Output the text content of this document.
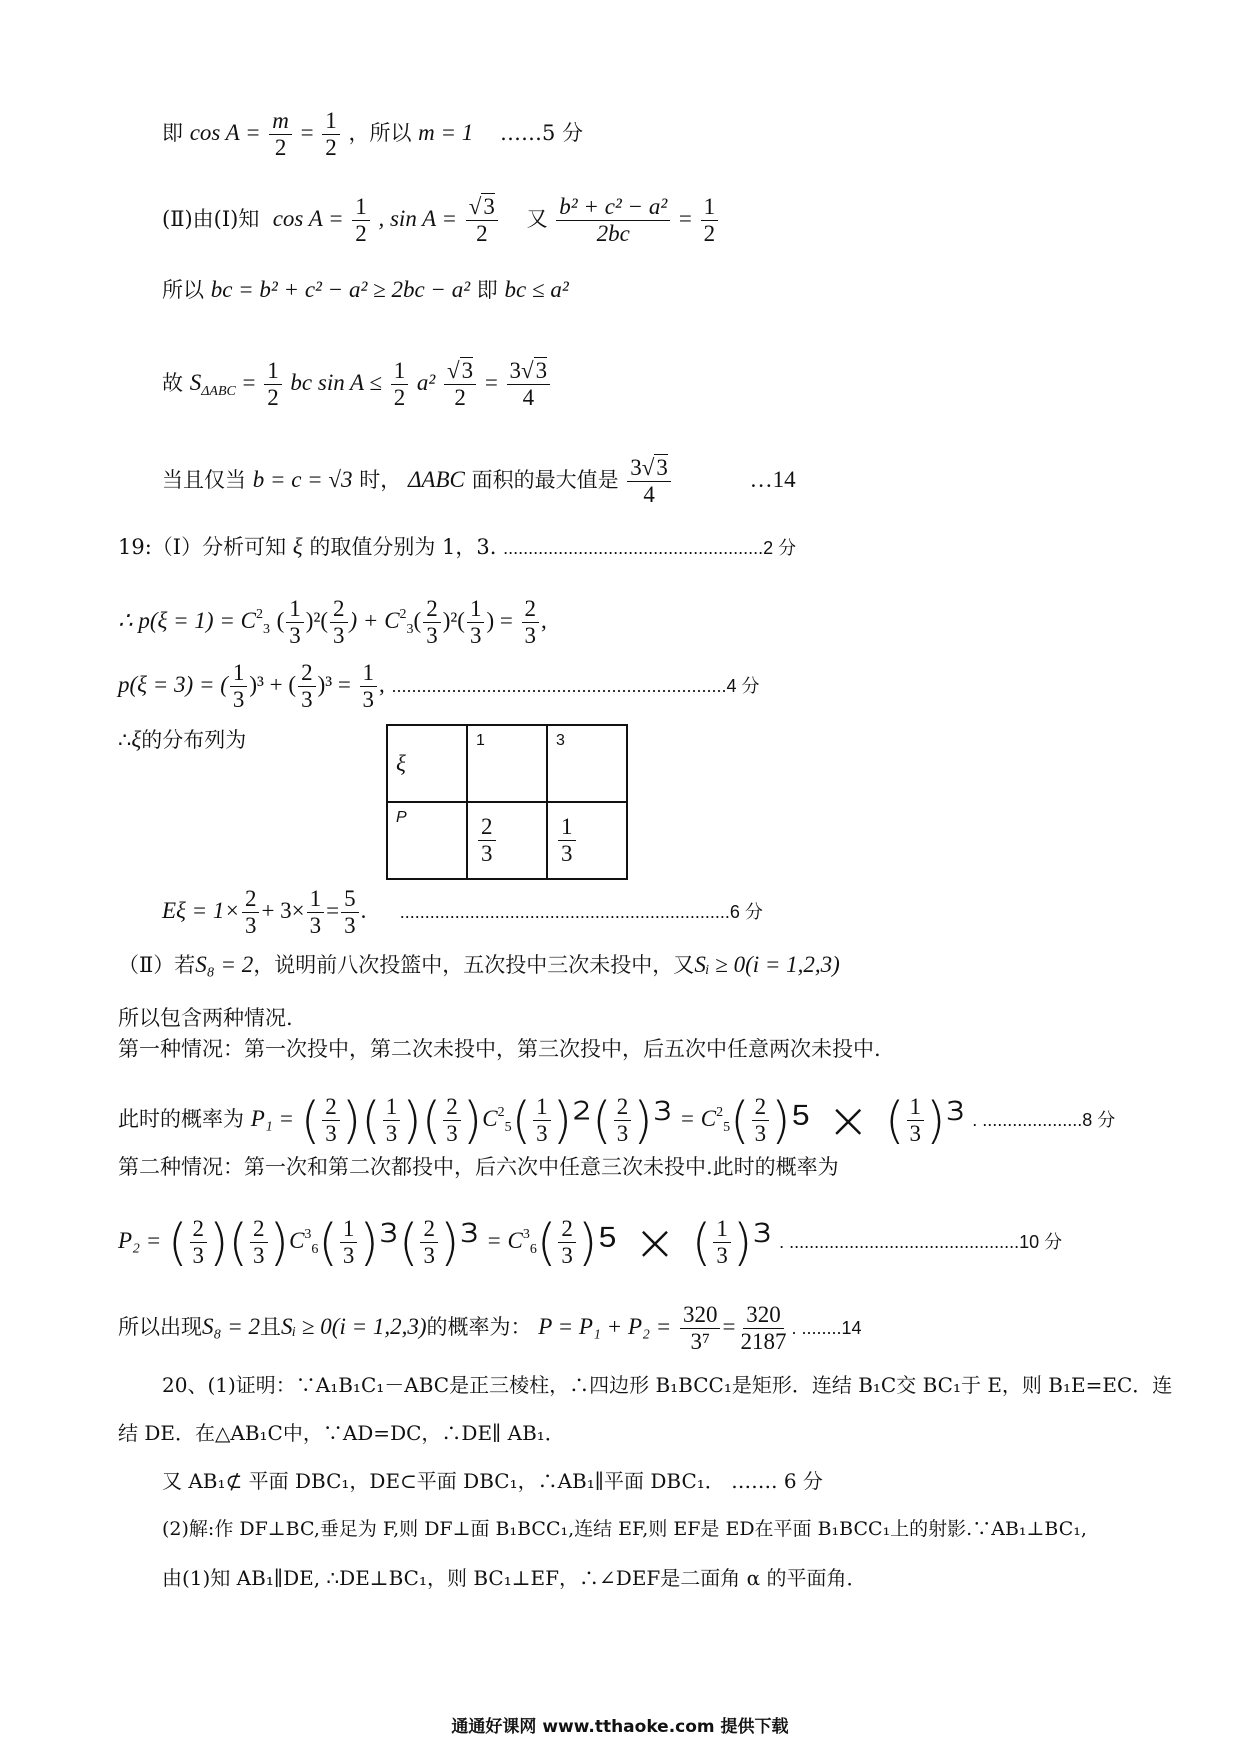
即 $\cos A = \frac{m}{2} = \frac{1}{2}$ ，所以 m = 1 ……5 分
(Ⅱ)由(Ⅰ)知 $\cos A = \frac{1}{2}$ , $\sin A = \frac{√3}{2}$ 又 $\frac{\text{b² + c² − a²}}{2bc} = \frac{1}{2}$
所以 bc = b² + c² − a² ≥ 2bc − a² 即 bc ≤ a²
故 $S_{\Delta ABC} = \frac{1}{2}$ bc $\sin A \le \frac{1}{2} a^2 \frac{√3}{2} = \frac{3√3}{4}$
当且仅当 b = c = √3 时， ΔABC 面积的最大值是 $\frac{3√3}{4}$	…14
19:（Ⅰ）分析可知 ξ 的取值分别为 1，3. ....................................................2 分
∴ $p(\xi = 1) = C^2_3$ ( $\frac{1}{3} )^2( \frac{2}{3}$ ) + $C^2_3( \frac{2}{3} )^2( \frac{1}{3}$ ) = $\frac{2}{3}$ ,
p(ξ = 3) = ( $\frac{1}{3} )^3$ + ( $\frac{2}{3} )^3 = \frac{1}{3}$ , ...................................................................4 分
∴ξ的分布列为
ξ	1	3
P	$\frac{2}{3}$	$\frac{1}{3}$
$E\xi = 1\times \frac{2}{3} + 3\times \frac{1}{3} = \frac{5}{3}$ . ..................................................................6 分
（Ⅱ）若S₈ = 2，说明前八次投篮中，五次投中三次未投中，又Sᵢ ≥ 0(i = 1,2,3)
所以包含两种情况.
第一种情况：第一次投中，第二次未投中，第三次投中，后五次中任意两次未投中.
此时的概率为 P₁ = ( $\frac{2}{3}$ )( $\frac{1}{3}$ )( $\frac{2}{3} )C^2_5( \frac{1}{3} )^2( \frac{2}{3} )^3 = C^2_5( \frac{2}{3} )^5$ × ( $\frac{1}{3} )^3$ . ....................8 分
第二种情况：第一次和第二次都投中，后六次中任意三次未投中.此时的概率为
P₂ = ( $\frac{2}{3}$ )( $\frac{2}{3} )C^3_6( \frac{1}{3} )^3( \frac{2}{3} )^3 = C^3_6( \frac{2}{3} )^5$ × ( $\frac{1}{3} )^3$ . ..............................................10 分
所以出现S₈ = 2且Sᵢ ≥ 0(i = 1,2,3)的概率为： $P = P_1 + P_2 = \frac{320}{\text{3⁷}} = \frac{320}{2187}$ . ........14
20、(1)证明：∵A₁B₁C₁－ABC是正三棱柱，∴四边形 B₁BCC₁是矩形．连结 B₁C交 BC₁于 E，则 B₁E=EC．连
结 DE．在△AB₁C中，∵AD=DC，∴DE∥ AB₁．
又 AB₁⊄ 平面 DBC₁，DE⊂平面 DBC₁，∴AB₁∥平面 DBC₁． ……. 6 分
(2)解:作 DF⊥BC,垂足为 F,则 DF⊥面 B₁BCC₁,连结 EF,则 EF是 ED在平面 B₁BCC₁上的射影.∵AB₁⊥BC₁,
由(1)知 AB₁∥DE, ∴DE⊥BC₁，则 BC₁⊥EF，∴∠DEF是二面角 α 的平面角．
通通好课网 www.tthaoke.com 提供下载
